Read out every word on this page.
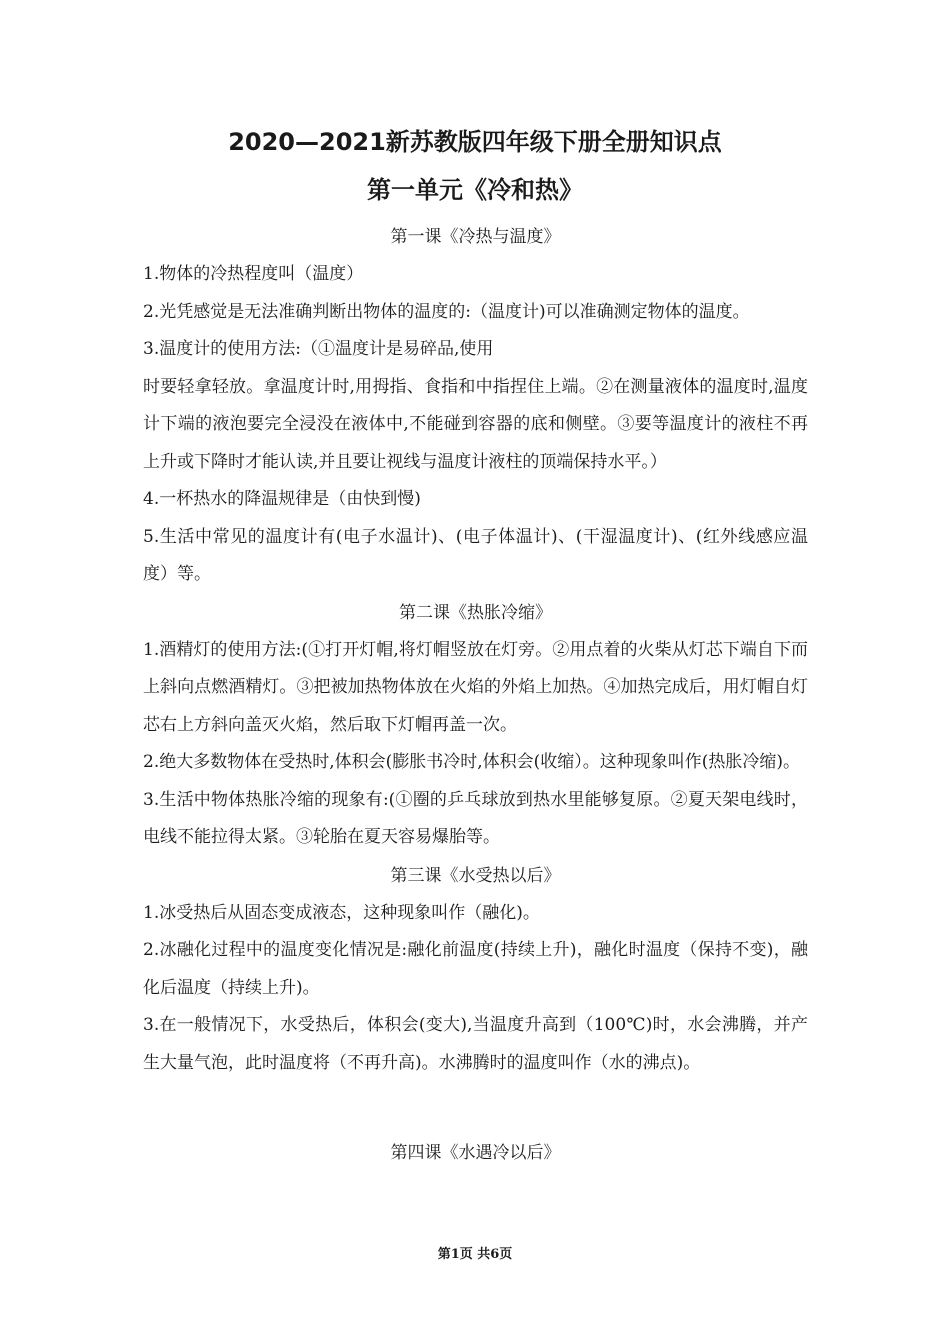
2020—2021新苏教版四年级下册全册知识点
第一单元《冷和热》
第一课《冷热与温度》
1.物体的冷热程度叫（温度）
2.光凭感觉是无法准确判断出物体的温度的:（温度计)可以准确测定物体的温度。
3.温度计的使用方法:（①温度计是易碎品,使用
时要轻拿轻放。拿温度计时,用拇指、食指和中指捏住上端。②在测量液体的温度时,温度计下端的液泡要完全浸没在液体中,不能碰到容器的底和侧壁。③要等温度计的液柱不再上升或下降时才能认读,并且要让视线与温度计液柱的顶端保持水平。）
4.一杯热水的降温规律是（由快到慢)
5.生活中常见的温度计有(电子水温计)、(电子体温计)、(干湿温度计)、(红外线感应温度）等。
第二课《热胀冷缩》
1.酒精灯的使用方法:(①打开灯帽,将灯帽竖放在灯旁。②用点着的火柴从灯芯下端自下而上斜向点燃酒精灯。③把被加热物体放在火焰的外焰上加热。④加热完成后，用灯帽自灯芯右上方斜向盖灭火焰，然后取下灯帽再盖一次。
2.绝大多数物体在受热时,体积会(膨胀书冷时,体积会(收缩）。这种现象叫作(热胀冷缩)。
3.生活中物体热胀冷缩的现象有:(①圈的乒乓球放到热水里能够复原。②夏天架电线时，电线不能拉得太紧。③轮胎在夏天容易爆胎等。
第三课《水受热以后》
1.冰受热后从固态变成液态，这种现象叫作（融化)。
2.冰融化过程中的温度变化情况是:融化前温度(持续上升)，融化时温度（保持不变)，融化后温度（持续上升)。
3.在一般情况下，水受热后，体积会(变大),当温度升高到（100℃)时，水会沸腾，并产生大量气泡，此时温度将（不再升高)。水沸腾时的温度叫作（水的沸点)。
第四课《水遇冷以后》
第1页 共6页
